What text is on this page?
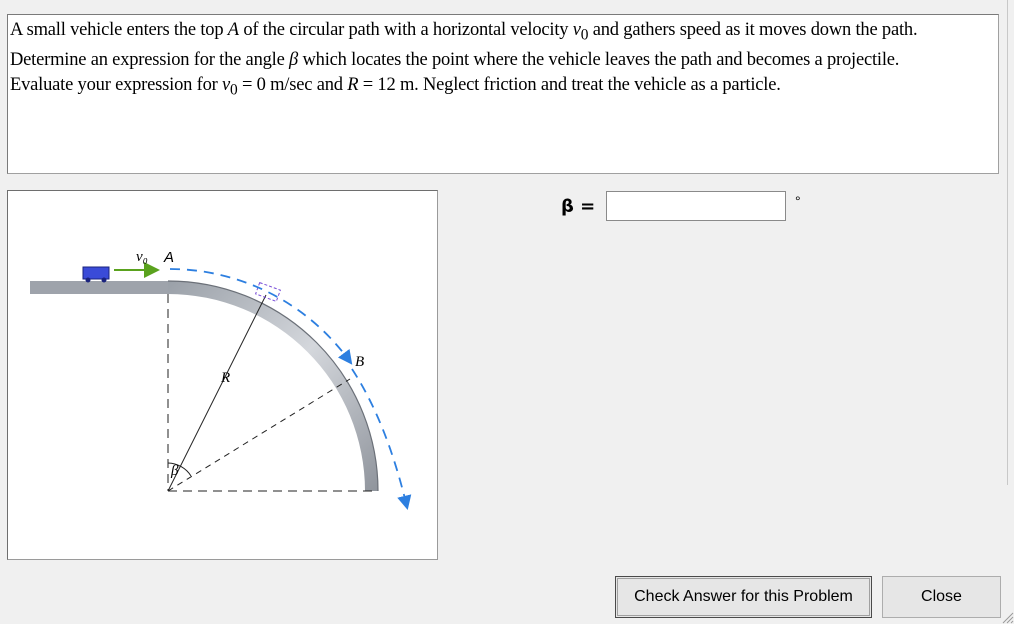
A small vehicle enters the top A of the circular path with a horizontal velocity $v_0$ and gathers speed as it moves down the path.
Determine an expression for the angle β which locates the point where the vehicle leaves the path and becomes a projectile.
Evaluate your expression for $v_0 = 0$ m/sec and R = 12 m. Neglect friction and treat the vehicle as a particle.
v₀ A
B
R
β
β =	°
Check Answer for this Problem	Close
